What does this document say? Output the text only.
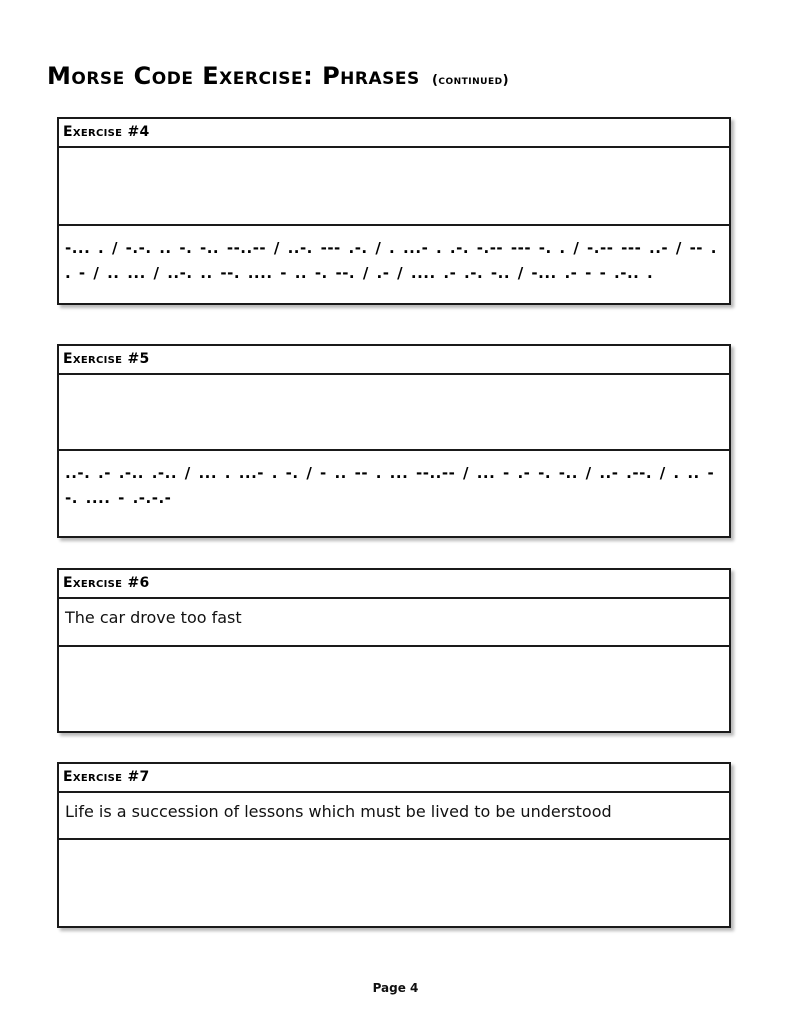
Morse Code Exercise: Phrases (continued)
Exercise #4
-... . / -.-. .. -. -.. --..-- / ..-. --- .-. / . ...- . .-. -.-- --- -. . / -.-- --- ..- / -- . . - / .. ... / ..-. .. --. .... - .. -. --. / .- / .... .- .-. -.. / -... .- - - .-.. .
Exercise #5
..-. .- .-.. .-.. / ... . ...- . -. / - .. -- . ... --..-- / ... - .- -. -.. / ..- .--. / . .. --. .... - .-.-.-
Exercise #6
The car drove too fast
Exercise #7
Life is a succession of lessons which must be lived to be understood
Page 4
